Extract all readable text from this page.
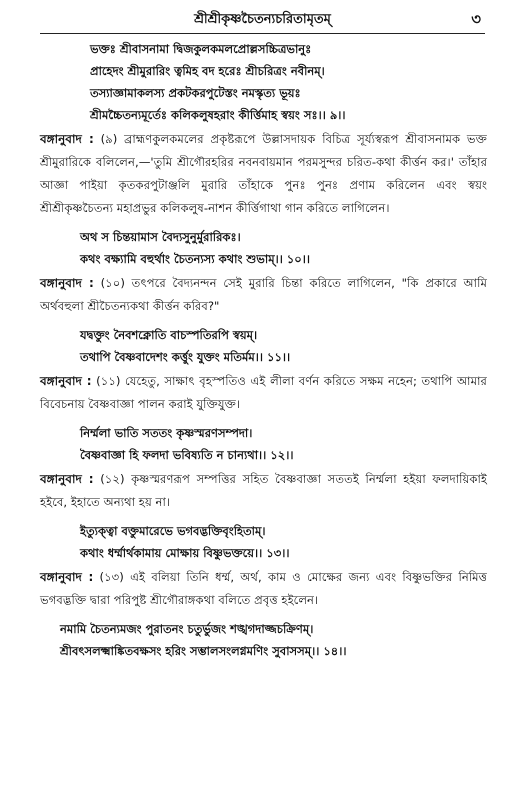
শ্রীশ্রীকৃষ্ণচৈতন্যচরিতামৃতম্	৩
ভক্তঃ শ্রীবাসনামা দ্বিজকুলকমলপ্রোল্লসচ্চিত্রভানুঃ
প্রাহেদং শ্রীমুরারিং ত্বমিহ বদ হরেঃ শ্রীচরিত্রং নবীনম্।
তস্যাজ্ঞামাকলস্য প্রকটকরপুটেস্তং নমস্কৃত্য ভূয়ঃ
শ্রীমচ্চৈতন্যমূর্তেঃ কলিকলুষহরাং কীর্ত্তিমাহ স্বয়ং সঃ।। ৯।।
বঙ্গানুবাদ : (৯) ব্রাহ্মণকুলকমলের প্রকৃষ্টরূপে উল্লাসদায়ক বিচিত্র সূর্য্যস্বরূপ শ্রীবাসনামক ভক্ত শ্রীমুরারিকে বলিলেন,—'তুমি শ্রীগৌরহরির নবনবায়মান পরমসুন্দর চরিত-কথা কীর্ত্তন কর।' তাঁহার আজ্ঞা পাইয়া কৃতকরপুটাঞ্জলি মুরারি তাঁহাকে পুনঃ পুনঃ প্রণাম করিলেন এবং স্বয়ং শ্রীশ্রীকৃষ্ণচৈতন্য মহাপ্রভুর কলিকলুষ-নাশন কীর্ত্তিগাথা গান করিতে লাগিলেন।
অথ স চিন্তয়ামাস বৈদ্যসুনুর্মুরারিকঃ।
কথং বক্ষ্যামি বহুর্থাং চৈতন্যস্য কথাং শুভাম্।। ১০।।
বঙ্গানুবাদ : (১০) তৎপরে বৈদ্যনন্দন সেই মুরারি চিন্তা করিতে লাগিলেন, "কি প্রকারে আমি অর্থবহুলা শ্রীচৈতন্যকথা কীর্ত্তন করিব?"
যদ্বক্তুং নৈবশক্নোতি বাচস্পতিরপি স্বয়ম্।
তথাপি বৈষ্ণবাদেশং কর্ত্তুং যুক্তং মতির্মম।। ১১।।
বঙ্গানুবাদ : (১১) যেহেতু, সাক্ষাৎ বৃহস্পতিও এই লীলা বর্ণন করিতে সক্ষম নহেন; তথাপি আমার বিবেচনায় বৈষ্ণবাজ্ঞা পালন করাই যুক্তিযুক্ত।
নির্ম্মলা ভাতি সততং কৃষ্ণস্মরণসম্পদা।
বৈষ্ণবাজ্ঞা হি ফলদা ভবিষ্যতি ন চান্যথা।। ১২।।
বঙ্গানুবাদ : (১২) কৃষ্ণস্মরণরূপ সম্পত্তির সহিত বৈষ্ণবাজ্ঞা সততই নির্ম্মলা হইয়া ফলদায়িকাই হইবে, ইহাতে অন্যথা হয় না।
ইত্যুক্ত্বা বক্তুমারেভে ভগবদ্ভক্তিবৃংহিতাম্।
কথাং ধর্ম্মার্থকামায় মোক্ষায় বিষ্ণুভক্তয়ে।। ১৩।।
বঙ্গানুবাদ : (১৩) এই বলিয়া তিনি ধর্ম্ম, অর্থ, কাম ও মোক্ষের জন্য এবং বিষ্ণুভক্তির নিমিত্ত ভগবদ্ভক্তি দ্বারা পরিপুষ্ট শ্রীগৌরাঙ্গকথা বলিতে প্রবৃত্ত হইলেন।
নমামি চৈতন্যমজং পুরাতনং চতুর্ভুজং শঙ্খগদাজ্জচক্রিণম্।
শ্রীবৎসলক্ষ্মাঙ্কিতবক্ষসং হরিং সম্ভালসংলগ্নমণিং সুবাসসম্।। ১৪।।
